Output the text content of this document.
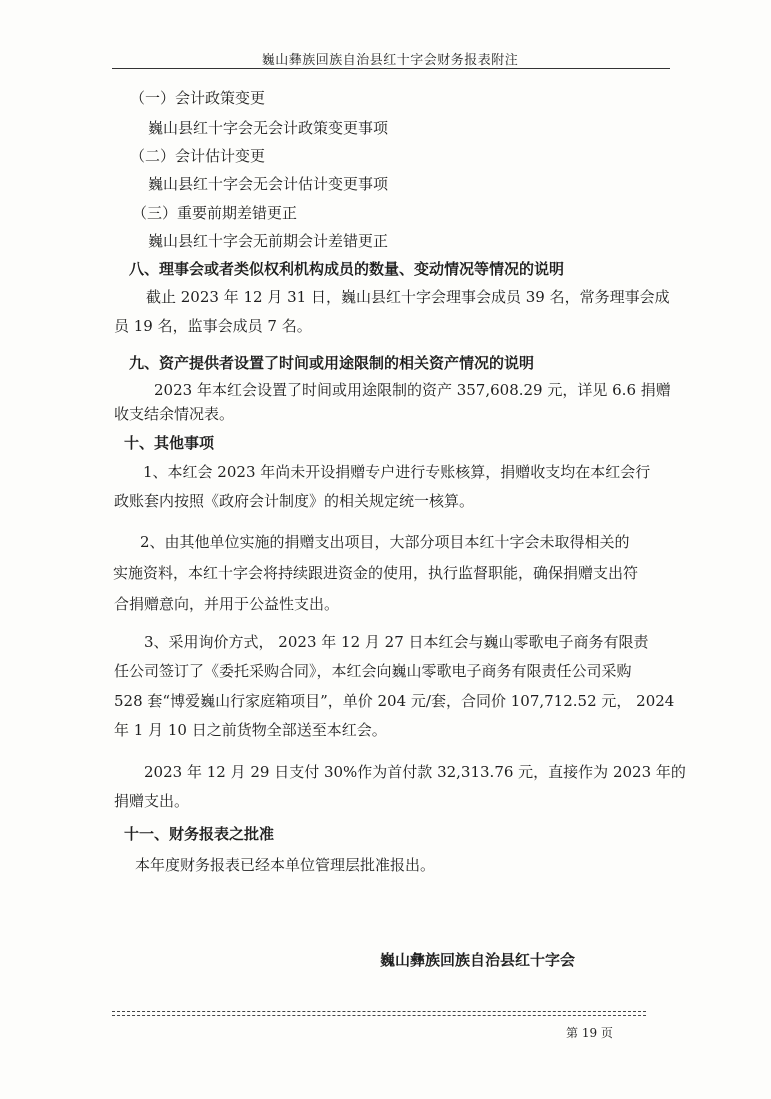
巍山彝族回族自治县红十字会财务报表附注
（一）会计政策变更
巍山县红十字会无会计政策变更事项
（二）会计估计变更
巍山县红十字会无会计估计变更事项
（三）重要前期差错更正
巍山县红十字会无前期会计差错更正
八、理事会或者类似权利机构成员的数量、变动情况等情况的说明
截止 2023 年 12 月 31 日，巍山县红十字会理事会成员 39 名，常务理事会成
员 19 名，监事会成员 7 名。
九、资产提供者设置了时间或用途限制的相关资产情况的说明
2023 年本红会设置了时间或用途限制的资产 357,608.29 元，详见 6.6 捐赠
收支结余情况表。
十、其他事项
1、本红会 2023 年尚未开设捐赠专户进行专账核算，捐赠收支均在本红会行
政账套内按照《政府会计制度》的相关规定统一核算。
2、由其他单位实施的捐赠支出项目，大部分项目本红十字会未取得相关的
实施资料，本红十字会将持续跟进资金的使用，执行监督职能，确保捐赠支出符
合捐赠意向，并用于公益性支出。
3、采用询价方式， 2023 年 12 月 27 日本红会与巍山零歌电子商务有限责
任公司签订了《委托采购合同》，本红会向巍山零歌电子商务有限责任公司采购
528 套“博爱巍山行家庭箱项目”，单价 204 元/套，合同价 107,712.52 元， 2024
年 1 月 10 日之前货物全部送至本红会。
2023 年 12 月 29 日支付 30%作为首付款 32,313.76 元，直接作为 2023 年的
捐赠支出。
十一、财务报表之批准
本年度财务报表已经本单位管理层批准报出。
巍山彝族回族自治县红十字会
第 19 页
